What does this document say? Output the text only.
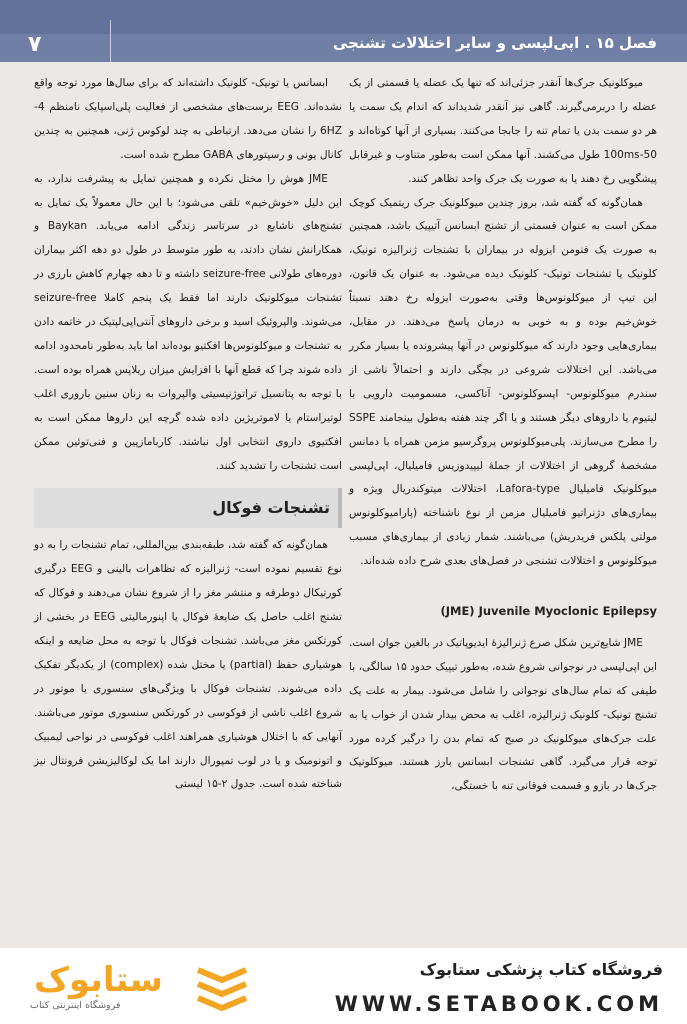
۷	فصل ۱۵ . اپی‌لپسی و سایر اختلالات تشنجی

میوکلونیک جرک‌ها آنقدر جزئی‌اند که تنها یک عضله یا قسمتی از یک عضله را دربرمی‌گیرند. گاهی نیز آنقدر شدیداند که اندام یک سمت یا هر دو سمت بدن یا تمام تنه را جابجا می‌کنند. بسیاری از آنها کوتاه‌اند و 50-100ms طول می‌کشند. آنها ممکن است به‌طور متناوب و غیرقابل پیشگویی رخ دهند یا به صورت یک جرک واحد تظاهر کنند.

همان‌گونه که گفته شد، بروز چندین میوکلونیک جرک ریتمیک کوچک ممکن است به عنوان قسمتی از تشنج ابسانس آتیپیک باشد، همچنین به صورت یک فنومن ایزوله در بیماران با تشنجات ژنرالیزه تونیک، کلونیک یا تشنجات تونیک- کلونیک دیده می‌شود. به عنوان یک قانون، این تیپ از میوکلونوس‌ها وقتی به‌صورت ایزوله رخ دهند نسبتاً خوش‌خیم بوده و به خوبی به درمان پاسخ می‌دهند. در مقابل، بیماری‌هایی وجود دارند که میوکلونوس در آنها پیشرونده یا بسیار مکرر می‌باشد. این اختلالات شروعی در بچگی دارند و احتمالاً ناشی از سندرم میوکلونوس- اپسوکلونوس- آتاکسی، مسمومیت دارویی با لیتیوم یا داروهای دیگر هستند و یا اگر چند هفته به‌طول بینجامند SSPE را مطرح می‌سازند. پلی‌میوکلونوس پروگرسیو مزمن همراه با دمانس مشخصهٔ گروهی از اختلالات از جملهٔ لیپیدوزیس فامیلیال، اپی‌لپسی میوکلونیک فامیلیال Lafora-type، اختلالات میتوکندریال ویژه و بیماری‌های دژنراتیو فامیلیال مزمن از نوع ناشناخته (پارامیوکلونوس مولتی پلکس فریدریش) می‌باشند. شمار زیادی از بیماری‌های مسبب میوکلونوس و اختلالات تشنجی در فصل‌های بعدی شرح داده شده‌اند.

(JME) Juvenile Myoclonic Epilepsy

JME شایع‌ترین شکل صرع ژنرالیزهٔ ایدیوپاتیک در بالغین جوان است. این اپی‌لپسی در نوجوانی شروع شده، به‌طور تیپیک حدود ۱۵ سالگی، با طیفی که تمام سال‌های نوجوانی را شامل می‌شود. بیمار به علت یک تشنج تونیک- کلونیک ژنرالیزه، اغلب به محض بیدار شدن از خواب یا به علت جرک‌های میوکلونیک در صبح که تمام بدن را درگیر کرده مورد توجه قرار می‌گیرد. گاهی تشنجات ابسانس بارز هستند. میوکلونیک جرک‌ها در بازو و قسمت فوقانی تنه با خستگی،

ابسانس یا تونیک- کلونیک داشته‌اند که برای سال‌ها مورد توجه واقع نشده‌اند. EEG برست‌های مشخصی از فعالیت پلی‌اسپایک نامنظم 4-6HZ را نشان می‌دهد. ارتباطی به چند لوکوس ژنی، همچنین به چندین کانال یونی و رسپتورهای GABA مطرح شده است.

JME هوش را مختل نکرده و همچنین تمایل به پیشرفت ندارد، به این دلیل «خوش‌خیم» تلقی می‌شود؛ با این حال معمولاً یک تمایل به تشنج‌های ناشایع در سرتاسر زندگی ادامه می‌یابد. Baykan و همکارانش نشان دادند، به طور متوسط در طول دو دهه اکثر بیماران دوره‌های طولانی seizure-free داشته و تا دهه چهارم کاهش بارزی در تشنجات میوکلونیک دارند اما فقط یک پنجم کاملا seizure-free می‌شوند. والپروئیک اسید و برخی داروهای آنتی‌اپی‌لپتیک در خاتمه دادن به تشنجات و میوکلونوس‌ها افکتیو بوده‌اند اما باید به‌طور نامحدود ادامه داده شوند چرا که قطع آنها با افزایش میزان ریلاپس همراه بوده است. با توجه به پتانسیل تراتوژنیسیتی والپروات به زنان سنین باروری اغلب لوتیراستام یا لاموتریژین داده شده گرچه این داروها ممکن است به افکتیوی داروی انتخابی اول نباشند. کاربامازپین و فنی‌توئین ممکن است تشنجات را تشدید کنند.

تشنجات فوکال

همان‌گونه که گفته شد، طبقه‌بندی بین‌المللی، تمام تشنجات را به دو نوع تقسیم نموده است- ژنرالیزه که تظاهرات بالینی و EEG درگیری کورتیکال دوطرفه و منتشر مغز را از شروع نشان می‌دهند و فوکال که تشنج اغلب حاصل یک ضایعهٔ فوکال یا اپنورمالیتی EEG در بخشی از کورتکس مغز می‌باشد. تشنجات فوکال با توجه به محل ضایعه و اینکه هوشیاری حفظ (partial) یا مختل شده (complex) از یکدیگر تفکیک داده می‌شوند. تشنجات فوکال با ویژگی‌های سنسوری یا موتور در شروع اغلب ناشی از فوکوسی در کورتکس سنسوری موتور می‌باشند. آنهایی که با اختلال هوشیاری همراهند اغلب فوکوسی در نواحی لیمبیک و اتونومیک و یا در لوب تمپورال دارند اما یک لوکالیزیشن فرونتال نیز شناخته شده است. جدول ۲-۱۵ لیستی

ستابوک
فروشگاه اینترنتی کتاب
فروشگاه کتاب پزشکی ستابوک
WWW.SETABOOK.COM
